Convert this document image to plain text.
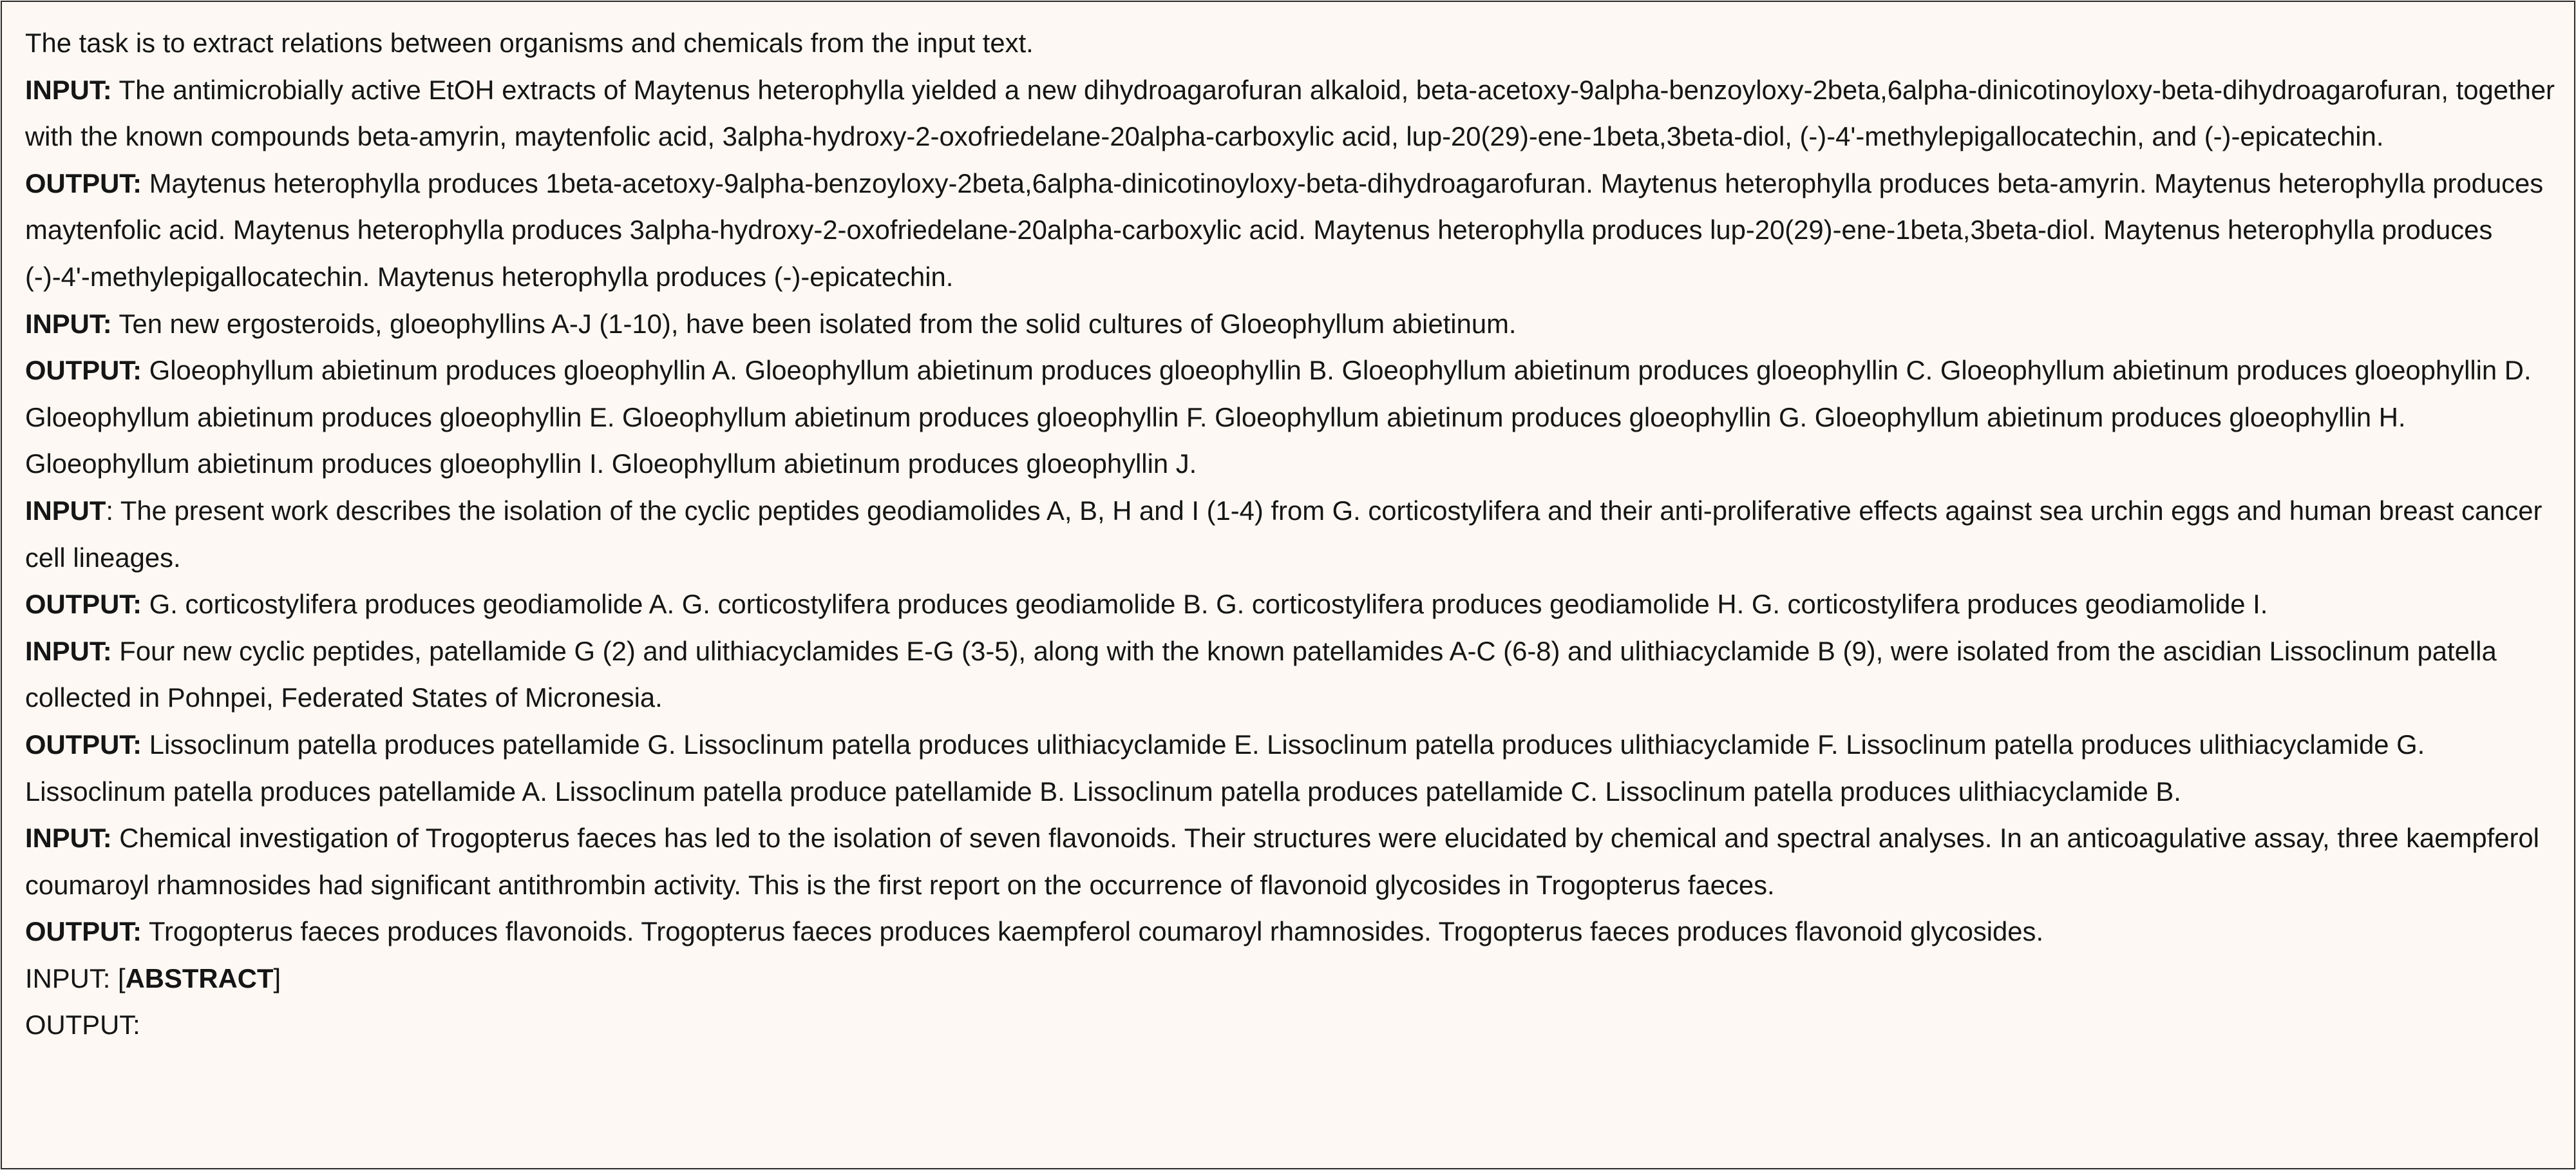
The task is to extract relations between organisms and chemicals from the input text.

INPUT: The antimicrobially active EtOH extracts of Maytenus heterophylla yielded a new dihydroagarofuran alkaloid, beta-acetoxy-9alpha-benzoyloxy-2beta,6alpha-dinicotinoyloxy-beta-dihydroagarofuran, together with the known compounds beta-amyrin, maytenfolic acid, 3alpha-hydroxy-2-oxofriedelane-20alpha-carboxylic acid, lup-20(29)-ene-1beta,3beta-diol, (-)-4'-methylepigallocatechin, and (-)-epicatechin.

OUTPUT: Maytenus heterophylla produces 1beta-acetoxy-9alpha-benzoyloxy-2beta,6alpha-dinicotinoyloxy-beta-dihydroagarofuran. Maytenus heterophylla produces beta-amyrin. Maytenus heterophylla produces maytenfolic acid. Maytenus heterophylla produces 3alpha-hydroxy-2-oxofriedelane-20alpha-carboxylic acid. Maytenus heterophylla produces lup-20(29)-ene-1beta,3beta-diol. Maytenus heterophylla produces (-)-4'-methylepigallocatechin. Maytenus heterophylla produces (-)-epicatechin.

INPUT: Ten new ergosteroids, gloeophyllins A-J (1-10), have been isolated from the solid cultures of Gloeophyllum abietinum.

OUTPUT: Gloeophyllum abietinum produces gloeophyllin A. Gloeophyllum abietinum produces gloeophyllin B. Gloeophyllum abietinum produces gloeophyllin C. Gloeophyllum abietinum produces gloeophyllin D. Gloeophyllum abietinum produces gloeophyllin E. Gloeophyllum abietinum produces gloeophyllin F. Gloeophyllum abietinum produces gloeophyllin G. Gloeophyllum abietinum produces gloeophyllin H. Gloeophyllum abietinum produces gloeophyllin I. Gloeophyllum abietinum produces gloeophyllin J.

INPUT: The present work describes the isolation of the cyclic peptides geodiamolides A, B, H and I (1-4) from G. corticostylifera and their anti-proliferative effects against sea urchin eggs and human breast cancer cell lineages.

OUTPUT: G. corticostylifera produces geodiamolide A. G. corticostylifera produces geodiamolide B. G. corticostylifera produces geodiamolide H. G. corticostylifera produces geodiamolide I.

INPUT: Four new cyclic peptides, patellamide G (2) and ulithiacyclamides E-G (3-5), along with the known patellamides A-C (6-8) and ulithiacyclamide B (9), were isolated from the ascidian Lissoclinum patella collected in Pohnpei, Federated States of Micronesia.

OUTPUT: Lissoclinum patella produces patellamide G. Lissoclinum patella produces ulithiacyclamide E. Lissoclinum patella produces ulithiacyclamide F. Lissoclinum patella produces ulithiacyclamide G. Lissoclinum patella produces patellamide A. Lissoclinum patella produce patellamide B. Lissoclinum patella produces patellamide C. Lissoclinum patella produces ulithiacyclamide B.

INPUT: Chemical investigation of Trogopterus faeces has led to the isolation of seven flavonoids. Their structures were elucidated by chemical and spectral analyses. In an anticoagulative assay, three kaempferol coumaroyl rhamnosides had significant antithrombin activity. This is the first report on the occurrence of flavonoid glycosides in Trogopterus faeces.

OUTPUT: Trogopterus faeces produces flavonoids. Trogopterus faeces produces kaempferol coumaroyl rhamnosides. Trogopterus faeces produces flavonoid glycosides.

INPUT: [ABSTRACT]

OUTPUT:
